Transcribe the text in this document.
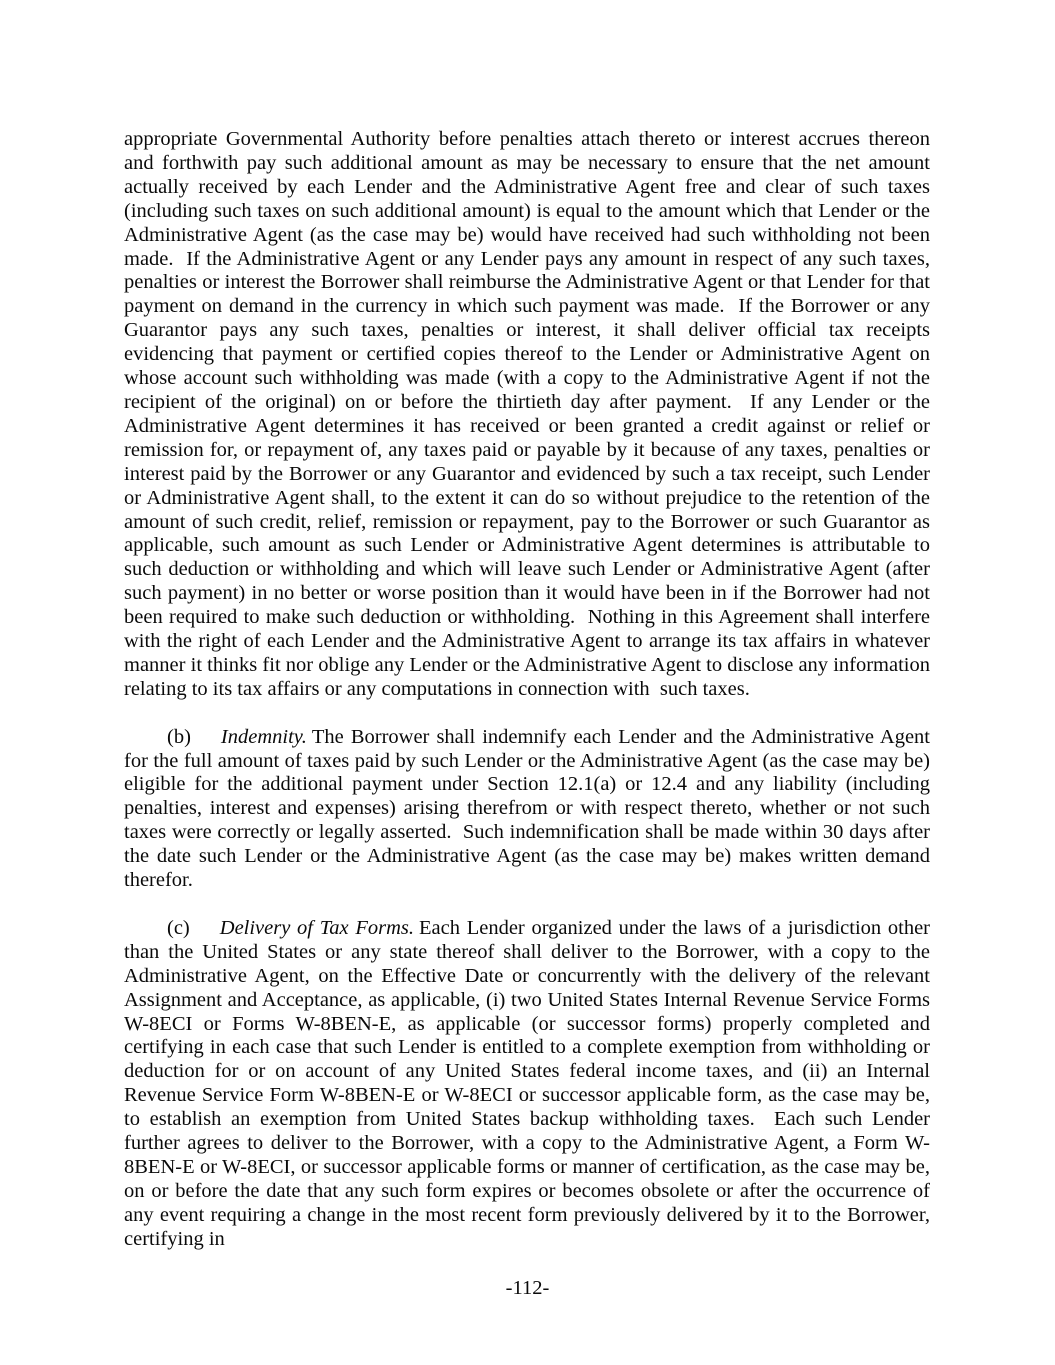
appropriate Governmental Authority before penalties attach thereto or interest accrues thereon and forthwith pay such additional amount as may be necessary to ensure that the net amount actually received by each Lender and the Administrative Agent free and clear of such taxes (including such taxes on such additional amount) is equal to the amount which that Lender or the Administrative Agent (as the case may be) would have received had such withholding not been made.  If the Administrative Agent or any Lender pays any amount in respect of any such taxes, penalties or interest the Borrower shall reimburse the Administrative Agent or that Lender for that payment on demand in the currency in which such payment was made.  If the Borrower or any Guarantor pays any such taxes, penalties or interest, it shall deliver official tax receipts evidencing that payment or certified copies thereof to the Lender or Administrative Agent on whose account such withholding was made (with a copy to the Administrative Agent if not the recipient of the original) on or before the thirtieth day after payment.  If any Lender or the Administrative Agent determines it has received or been granted a credit against or relief or remission for, or repayment of, any taxes paid or payable by it because of any taxes, penalties or interest paid by the Borrower or any Guarantor and evidenced by such a tax receipt, such Lender or Administrative Agent shall, to the extent it can do so without prejudice to the retention of the amount of such credit, relief, remission or repayment, pay to the Borrower or such Guarantor as applicable, such amount as such Lender or Administrative Agent determines is attributable to such deduction or withholding and which will leave such Lender or Administrative Agent (after such payment) in no better or worse position than it would have been in if the Borrower had not been required to make such deduction or withholding.  Nothing in this Agreement shall interfere with the right of each Lender and the Administrative Agent to arrange its tax affairs in whatever manner it thinks fit nor oblige any Lender or the Administrative Agent to disclose any information relating to its tax affairs or any computations in connection with  such taxes.

(b) Indemnity. The Borrower shall indemnify each Lender and the Administrative Agent for the full amount of taxes paid by such Lender or the Administrative Agent (as the case may be) eligible for the additional payment under Section 12.1(a) or 12.4 and any liability (including penalties, interest and expenses) arising therefrom or with respect thereto, whether or not such taxes were correctly or legally asserted.  Such indemnification shall be made within 30 days after the date such Lender or the Administrative Agent (as the case may be) makes written demand therefor.

(c) Delivery of Tax Forms. Each Lender organized under the laws of a jurisdiction other than the United States or any state thereof shall deliver to the Borrower, with a copy to the Administrative Agent, on the Effective Date or concurrently with the delivery of the relevant Assignment and Acceptance, as applicable, (i) two United States Internal Revenue Service Forms W-8ECI or Forms W-8BEN-E, as applicable (or successor forms) properly completed and certifying in each case that such Lender is entitled to a complete exemption from withholding or deduction for or on account of any United States federal income taxes, and (ii) an Internal Revenue Service Form W-8BEN-E or W-8ECI or successor applicable form, as the case may be, to establish an exemption from United States backup withholding taxes.  Each such Lender further agrees to deliver to the Borrower, with a copy to the Administrative Agent, a Form W-8BEN-E or W-8ECI, or successor applicable forms or manner of certification, as the case may be, on or before the date that any such form expires or becomes obsolete or after the occurrence of any event requiring a change in the most recent form previously delivered by it to the Borrower, certifying in

-112-
